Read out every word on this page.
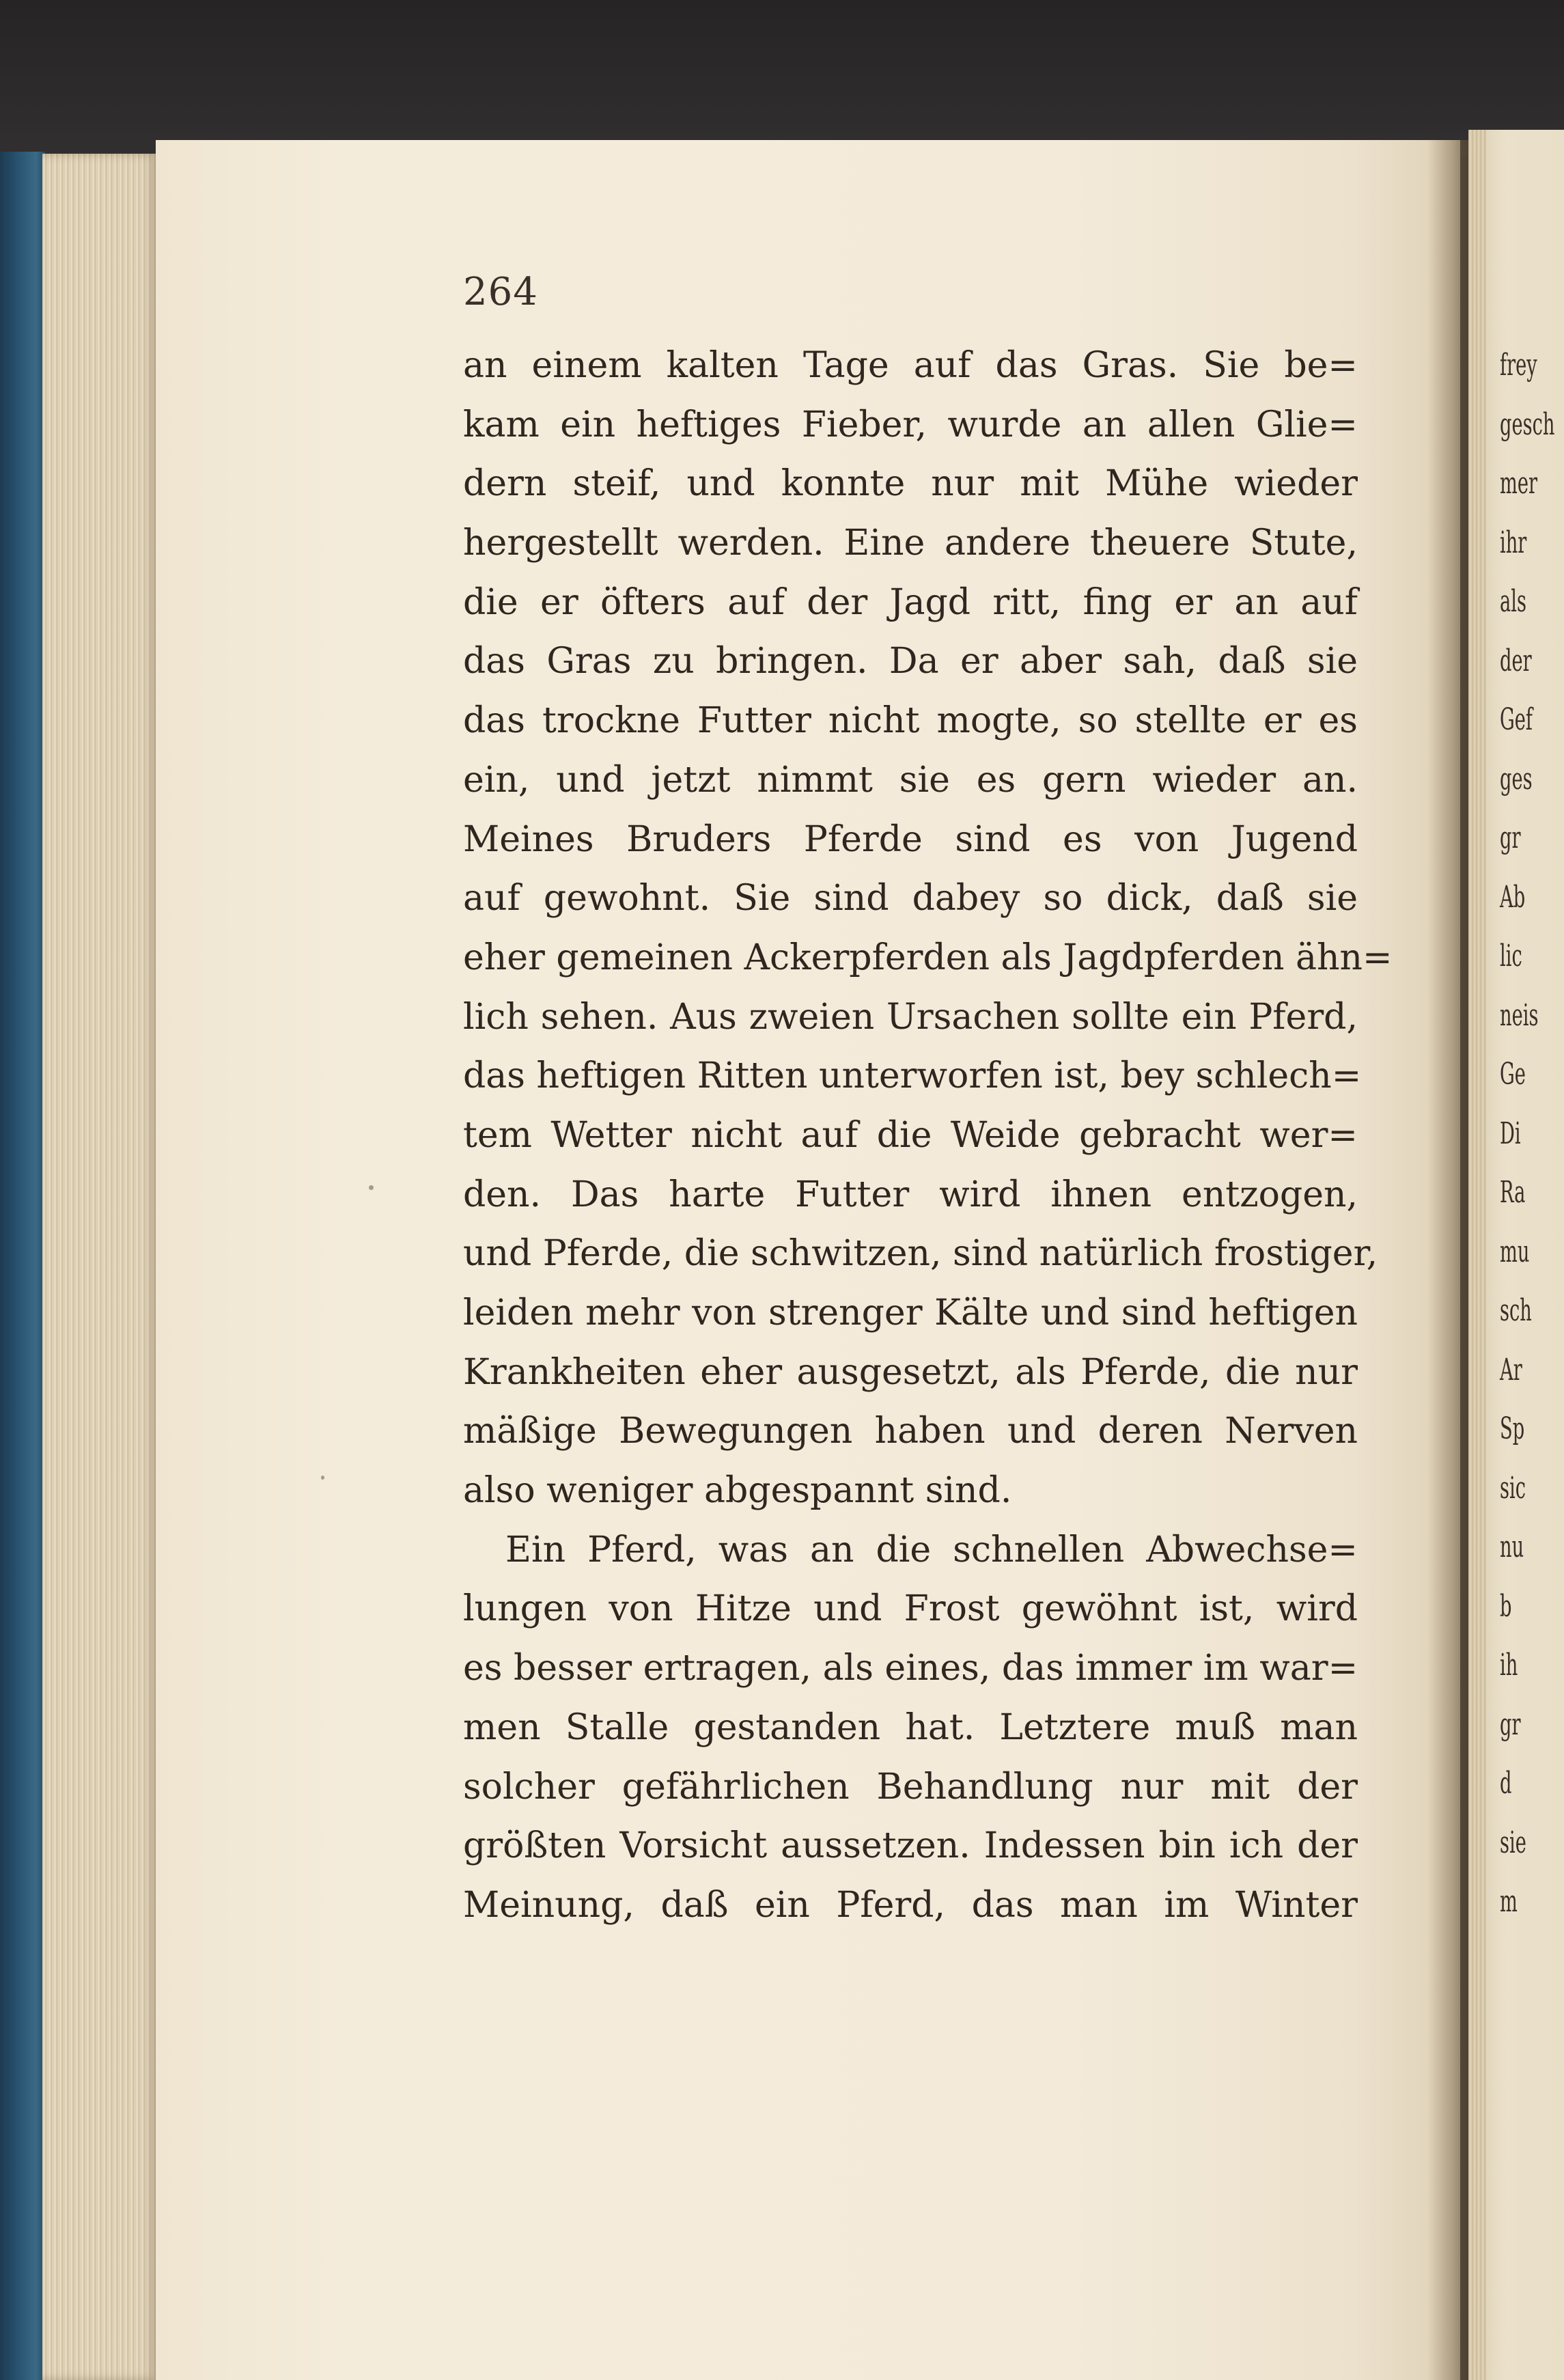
frey
gesch
mer
ihr
als
der
Gef
ges
gr
Ab
lic
neis
Ge
Di
Ra
mu
sch
Ar
Sp
sic
nu
b
ih
gr
d
sie
m
264
an einem kalten Tage auf das Gras. Sie be=
kam ein heftiges Fieber, wurde an allen Glie=
dern steif, und konnte nur mit Mühe wieder
hergestellt werden. Eine andere theuere Stute,
die er öfters auf der Jagd ritt, fing er an auf
das Gras zu bringen. Da er aber sah, daß sie
das trockne Futter nicht mogte, so stellte er es
ein, und jetzt nimmt sie es gern wieder an.
Meines Bruders Pferde sind es von Jugend
auf gewohnt. Sie sind dabey so dick, daß sie
eher gemeinen Ackerpferden als Jagdpferden ähn=
lich sehen. Aus zweien Ursachen sollte ein Pferd,
das heftigen Ritten unterworfen ist, bey schlech=
tem Wetter nicht auf die Weide gebracht wer=
den. Das harte Futter wird ihnen entzogen,
und Pferde, die schwitzen, sind natürlich frostiger,
leiden mehr von strenger Kälte und sind heftigen
Krankheiten eher ausgesetzt, als Pferde, die nur
mäßige Bewegungen haben und deren Nerven
also weniger abgespannt sind.
Ein Pferd, was an die schnellen Abwechse=
lungen von Hitze und Frost gewöhnt ist, wird
es besser ertragen, als eines, das immer im war=
men Stalle gestanden hat. Letztere muß man
solcher gefährlichen Behandlung nur mit der
größten Vorsicht aussetzen. Indessen bin ich der
Meinung, daß ein Pferd, das man im Winter
